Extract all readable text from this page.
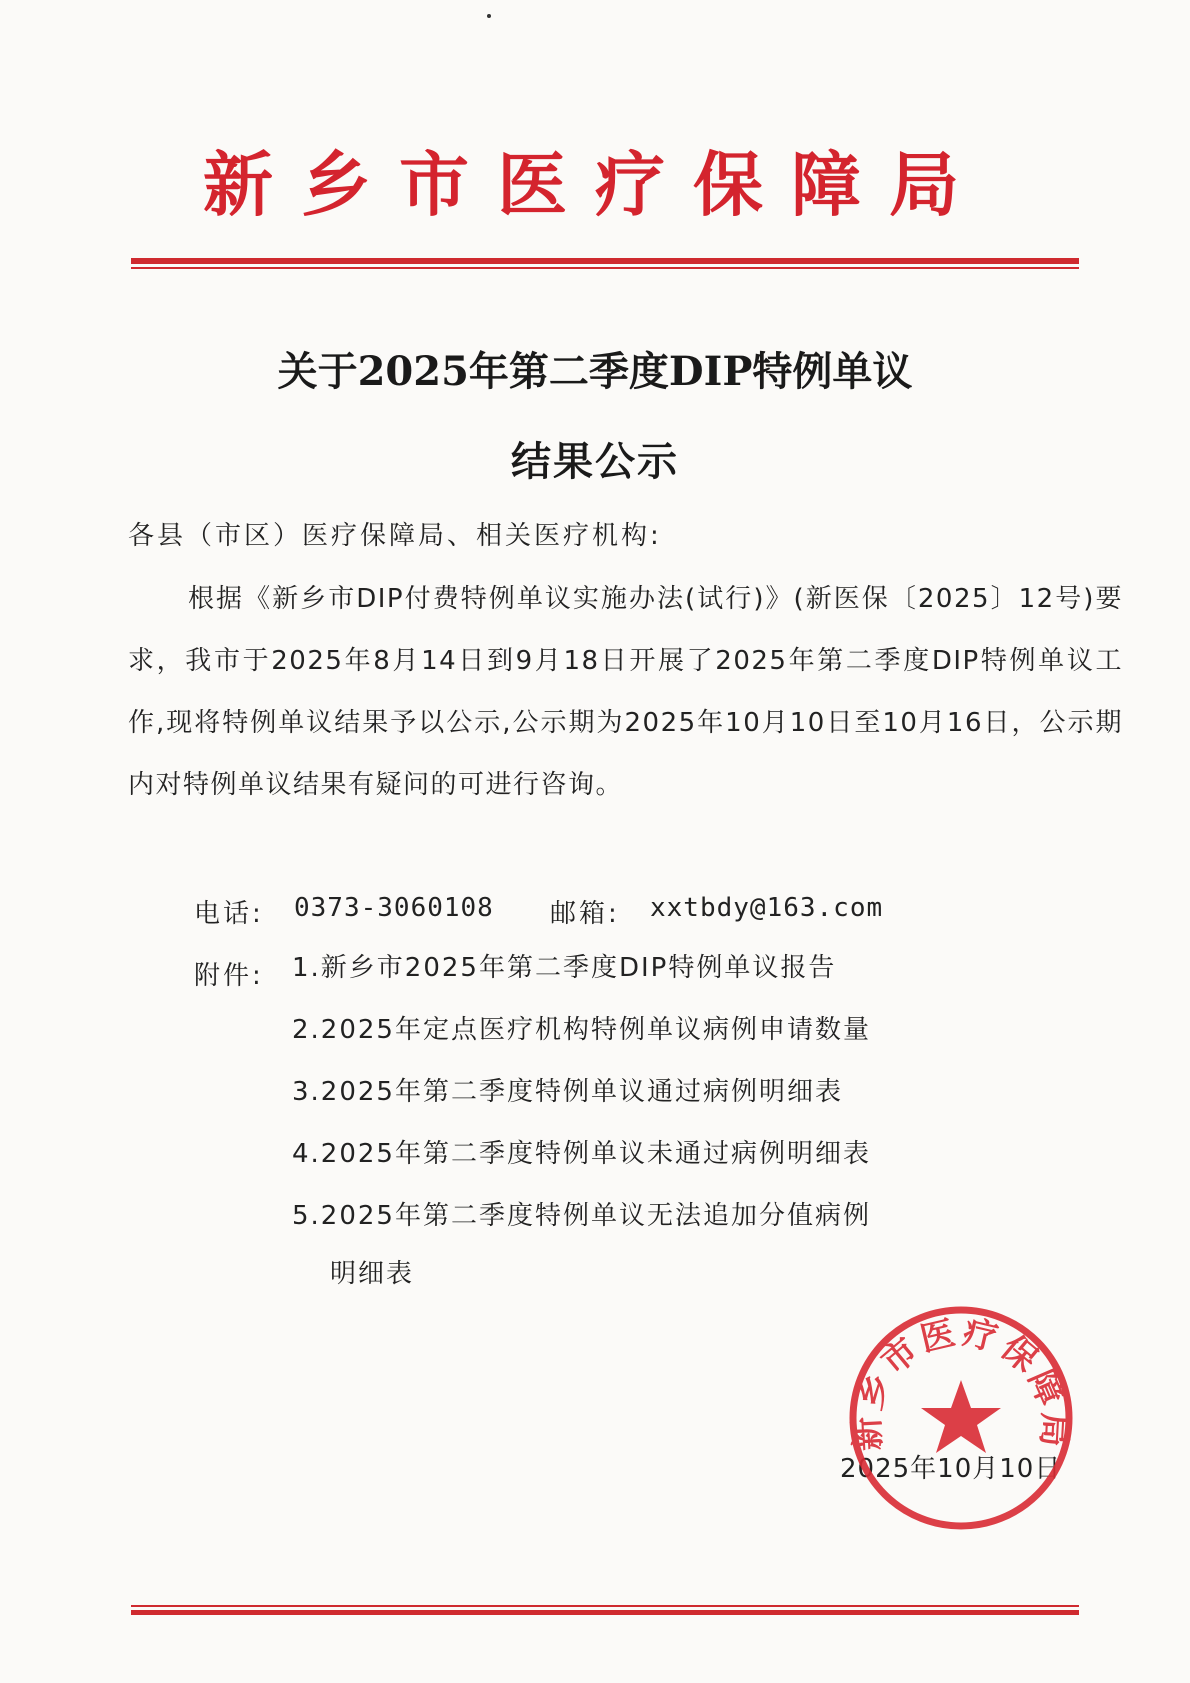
新乡市医疗保障局
关于2025年第二季度DIP特例单议
结果公示
各县（市区）医疗保障局、相关医疗机构:
根据《新乡市DIP付费特例单议实施办法(试行)》(新医保〔2025〕12号)要求，我市于2025年8月14日到9月18日开展了2025年第二季度DIP特例单议工作,现将特例单议结果予以公示,公示期为2025年10月10日至10月16日，公示期内对特例单议结果有疑问的可进行咨询。
电话: 0373-3060108 邮箱: xxtbdy@163.com
附件: 1.新乡市2025年第二季度DIP特例单议报告
2.2025年定点医疗机构特例单议病例申请数量
3.2025年第二季度特例单议通过病例明细表
4.2025年第二季度特例单议未通过病例明细表
5.2025年第二季度特例单议无法追加分值病例
明细表
2025年10月10日
新乡市医疗保障局
